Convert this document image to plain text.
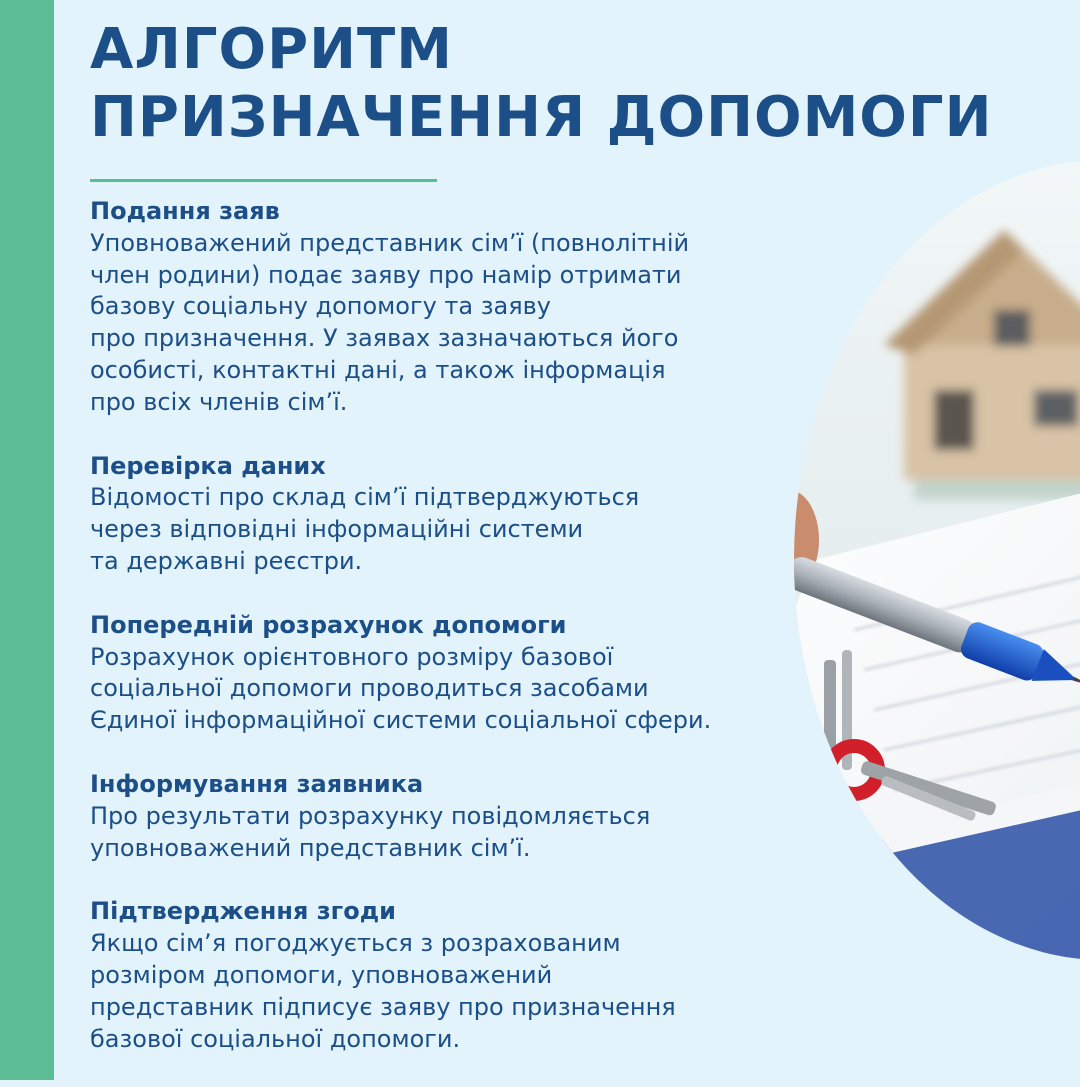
АЛГОРИТМ
ПРИЗНАЧЕННЯ ДОПОМОГИ
Подання заяв

Уповноважений представник сім’ї (повнолітній
член родини) подає заяву про намір отримати
базову соціальну допомогу та заяву
про призначення. У заявах зазначаються його
особисті, контактні дані, а також інформація
про всіх членів сім’ї.

Перевірка даних

Відомості про склад сім’ї підтверджуються
через відповідні інформаційні системи
та державні реєстри.

Попередній розрахунок допомоги

Розрахунок орієнтовного розміру базової
соціальної допомоги проводиться засобами
Єдиної інформаційної системи соціальної сфери.

Інформування заявника

Про результати розрахунку повідомляється
уповноважений представник сім’ї.

Підтвердження згоди

Якщо сім’я погоджується з розрахованим
розміром допомоги, уповноважений
представник підписує заяву про призначення
базової соціальної допомоги.
